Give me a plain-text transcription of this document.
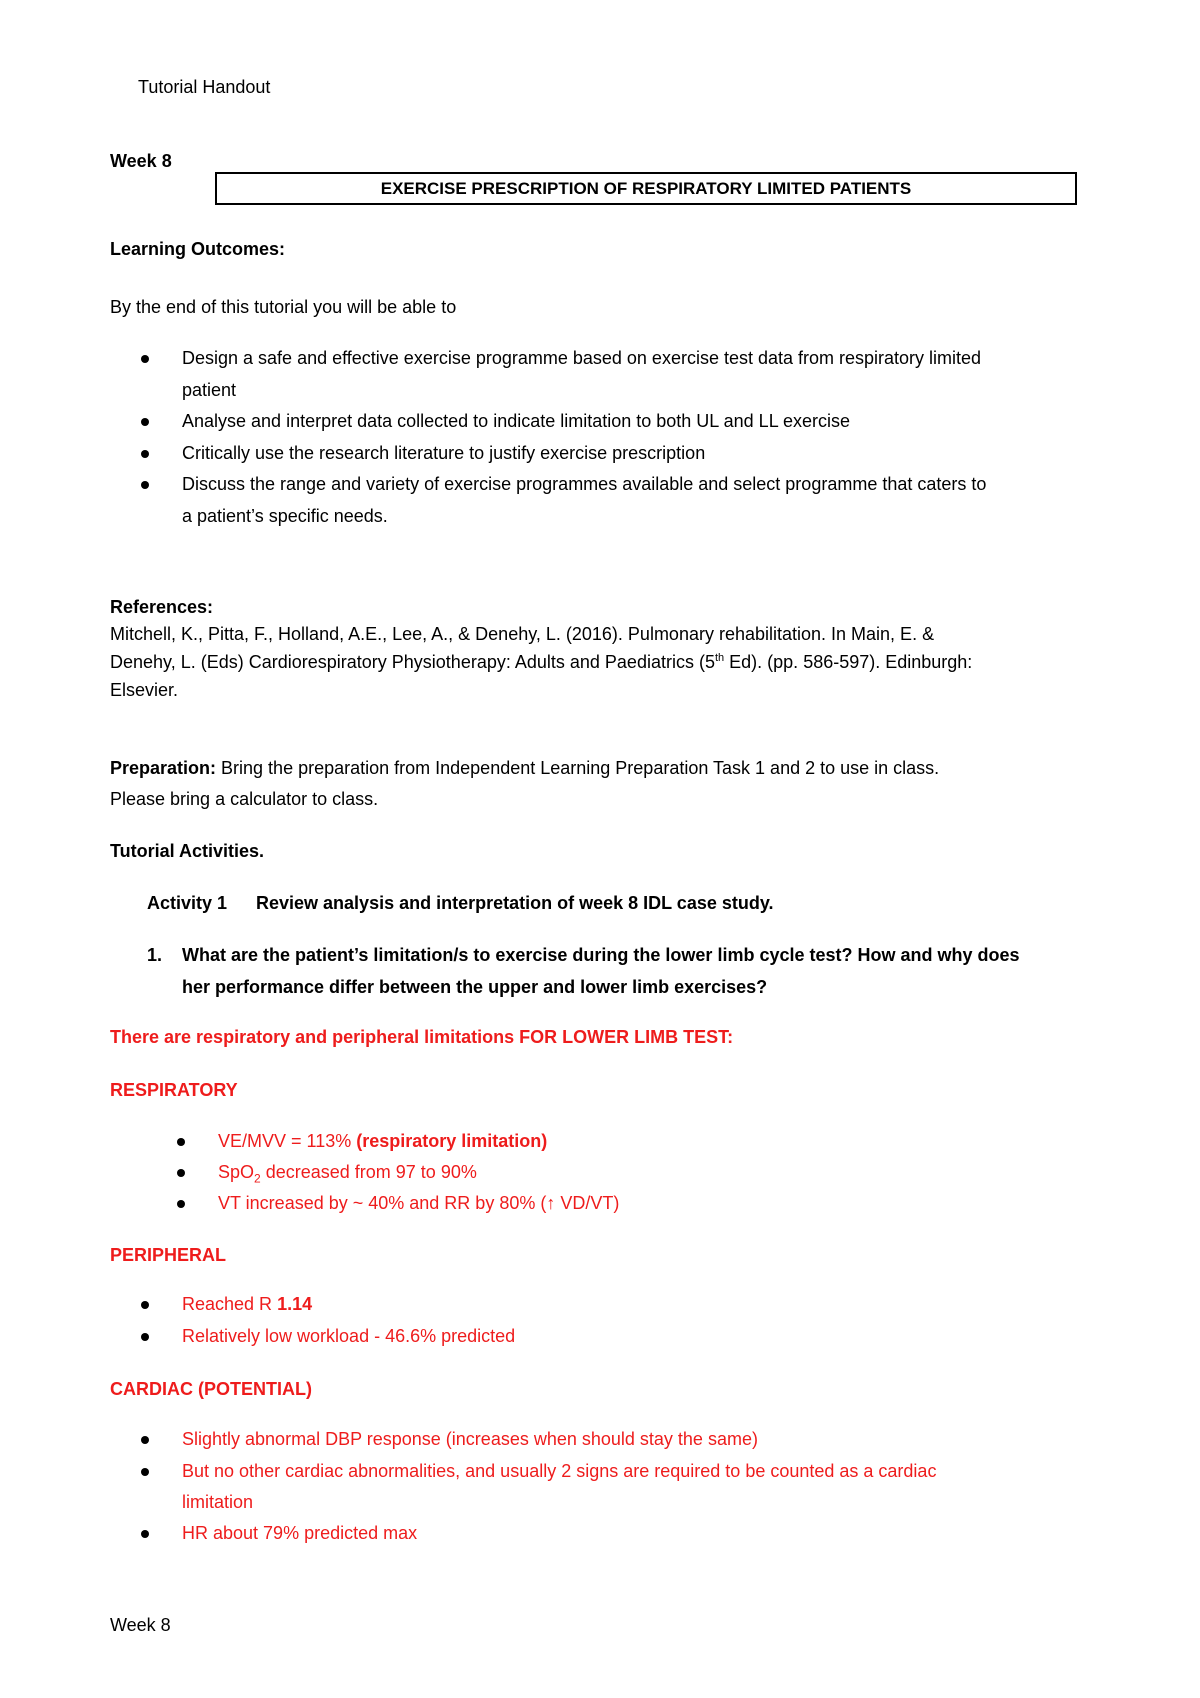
Tutorial Handout
Week 8
EXERCISE PRESCRIPTION OF RESPIRATORY LIMITED PATIENTS
Learning Outcomes:
By the end of this tutorial you will be able to
Design a safe and effective exercise programme based on exercise test data from respiratory limited
patient
Analyse and interpret data collected to indicate limitation to both UL and LL exercise
Critically use the research literature to justify exercise prescription
Discuss the range and variety of exercise programmes available and select programme that caters to
a patient’s specific needs.
References:
Mitchell, K., Pitta, F., Holland, A.E., Lee, A., & Denehy, L. (2016). Pulmonary rehabilitation. In Main, E. &
Denehy, L. (Eds) Cardiorespiratory Physiotherapy: Adults and Paediatrics (5th Ed). (pp. 586-597). Edinburgh:
Elsevier.
Preparation: Bring the preparation from Independent Learning Preparation Task 1 and 2 to use in class.
Please bring a calculator to class.
Tutorial Activities.
Activity 1 Review analysis and interpretation of week 8 IDL case study.
1. What are the patient’s limitation/s to exercise during the lower limb cycle test? How and why does
her performance differ between the upper and lower limb exercises?
There are respiratory and peripheral limitations FOR LOWER LIMB TEST:
RESPIRATORY
VE/MVV = 113% (respiratory limitation)
SpO$_2$ decreased from 97 to 90%
VT increased by ~ 40% and RR by 80% (↑ VD/VT)
PERIPHERAL
Reached R 1.14
Relatively low workload - 46.6% predicted
CARDIAC (POTENTIAL)
Slightly abnormal DBP response (increases when should stay the same)
But no other cardiac abnormalities, and usually 2 signs are required to be counted as a cardiac
limitation
HR about 79% predicted max
Week 8
